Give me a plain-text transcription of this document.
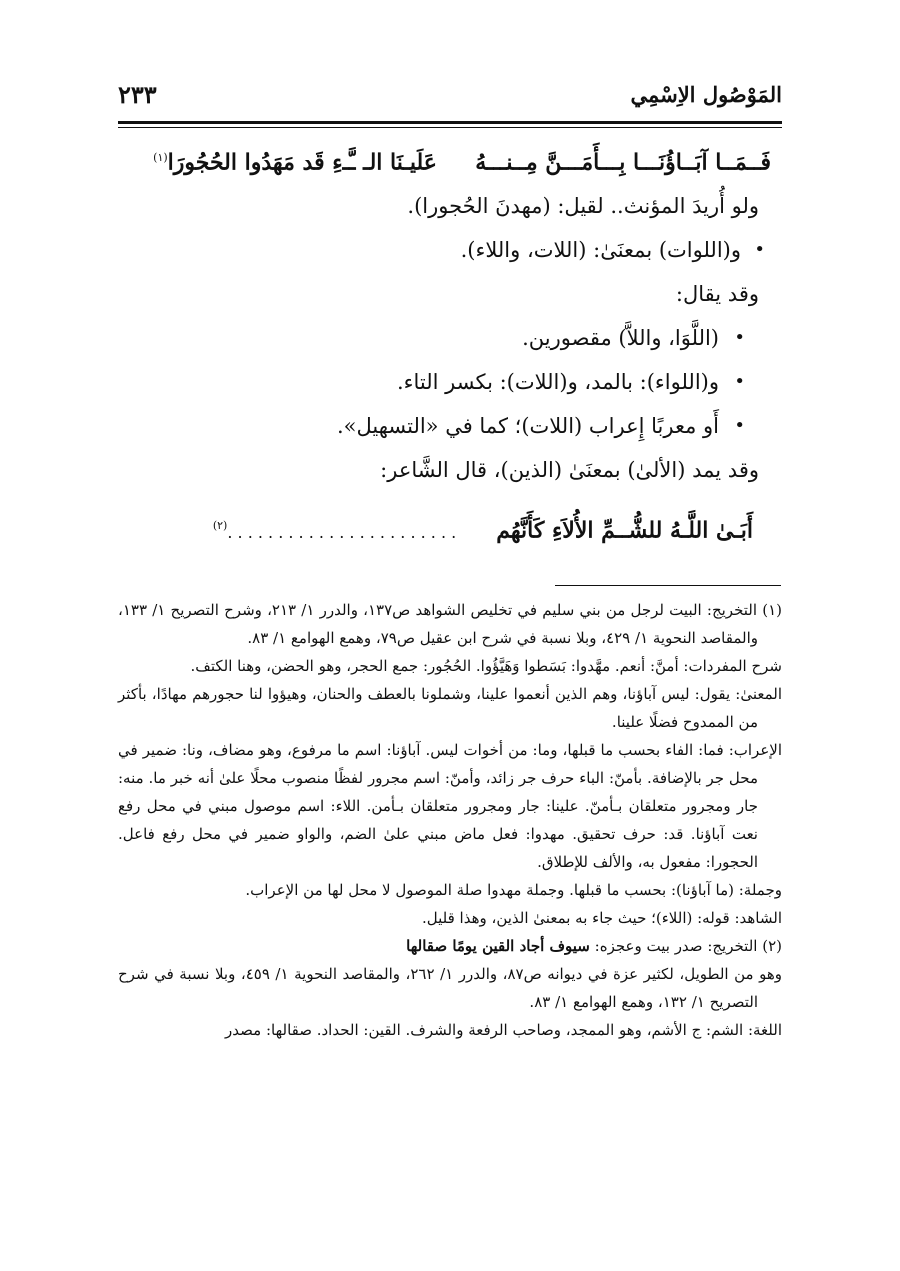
المَوْصُول الاِسْمِي
٢٣٣
فَــمَــا آبَــاؤُنَـــا بِـــأَمَـــنَّ مِــنـــهُ     عَلَيـنَا الـ ـَّـءِ قَد مَهَدُوا الحُجُورَا$^{(١)}$
ولو أُريدَ المؤنث.. لقيل: (مهدنَ الحُجورا).
• و(اللوات) بمعنَىٰ: (اللات، واللاء).
وقد يقال:
• (اللَّوَا، واللاَّ) مقصورين.
• و(اللواء): بالمد، و(اللات): بكسر التاء.
• أَو معربًا إِعراب (اللات)؛ كما في «التسهيل».
وقد يمد (الألىٰ) بمعنَىٰ (الذين)، قال الشَّاعر:
أَبَـىٰ اللَّـهُ للشُّــمِّ الأُلاَءِ كَأَنَّهُم. . . . . . . . . . . . . . . . . . . . . . .$^{(٢)}$

(١) التخريج: البيت لرجل من بني سليم في تخليص الشواهد ص١٣٧، والدرر ١/ ٢١٣، وشرح التصريح ١/ ١٣٣، والمقاصد النحوية ١/ ٤٢٩، وبلا نسبة في شرح ابن عقيل ص٧٩، وهمع الهوامع ١/ ٨٣.

شرح المفردات: أمنَّ: أنعم. مهَّدوا: بَسَطوا وَهَيَّؤُوا. الحُجُور: جمع الحجر، وهو الحضن، وهنا الكتف.

المعنىٰ: يقول: ليس آباؤنا، وهم الذين أنعموا علينا، وشملونا بالعطف والحنان، وهيؤوا لنا حجورهم مهادًا، بأكثر من الممدوح فضلًا علينا.

الإعراب: فما: الفاء بحسب ما قبلها، وما: من أخوات ليس. آباؤنا: اسم ما مرفوع، وهو مضاف، ونا: ضمير في محل جر بالإضافة. بأمنّ: الباء حرف جر زائد، وأمنّ: اسم مجرور لفظًا منصوب محلًا علىٰ أنه خبر ما. منه: جار ومجرور متعلقان بـأمنّ. علينا: جار ومجرور متعلقان بـأمن. اللاء: اسم موصول مبني في محل رفع نعت آباؤنا. قد: حرف تحقيق. مهدوا: فعل ماض مبني علىٰ الضم، والواو ضمير في محل رفع فاعل. الحجورا: مفعول به، والألف للإطلاق.

وجملة: (ما آباؤنا): بحسب ما قبلها. وجملة مهدوا صلة الموصول لا محل لها من الإعراب.

الشاهد: قوله: (اللاء)؛ حيث جاء به بمعنىٰ الذين، وهذا قليل.

(٢) التخريج: صدر بيت وعجزه: سيوف أجاد القين يومًا صقالها

وهو من الطويل، لكثير عزة في ديوانه ص٨٧، والدرر ١/ ٢٦٢، والمقاصد النحوية ١/ ٤٥٩، وبلا نسبة في شرح التصريح ١/ ١٣٢، وهمع الهوامع ١/ ٨٣.

اللغة: الشم: ج الأشم، وهو الممجد، وصاحب الرفعة والشرف. القين: الحداد. صقالها: مصدر
